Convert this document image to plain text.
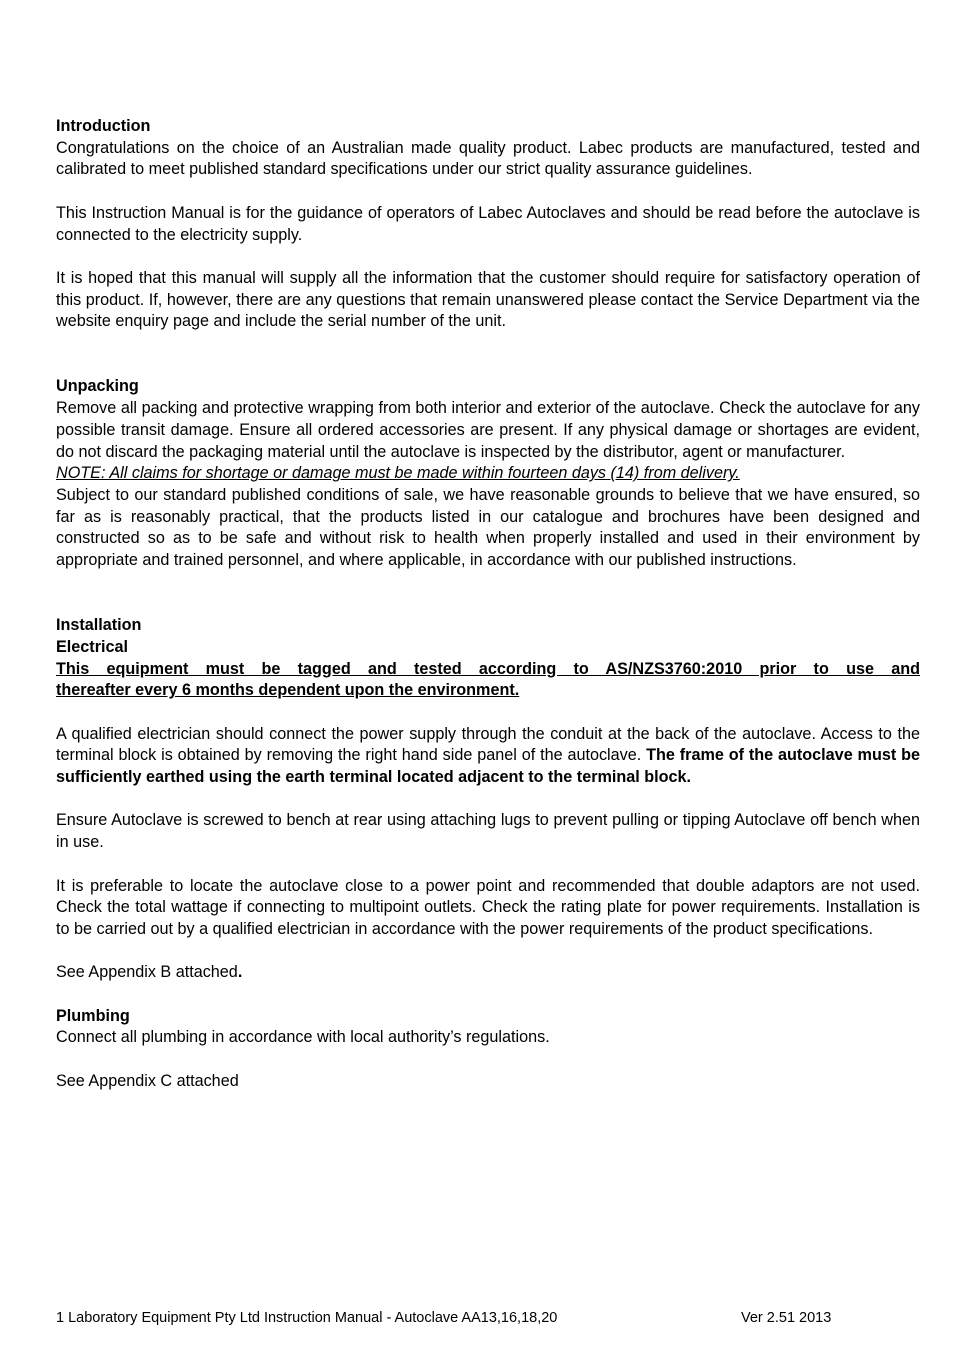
Introduction

Congratulations on the choice of an Australian made quality product. Labec products are manufactured, tested and calibrated to meet published standard specifications under our strict quality assurance guidelines.

This Instruction Manual is for the guidance of operators of Labec Autoclaves and should be read before the autoclave is connected to the electricity supply.

It is hoped that this manual will supply all the information that the customer should require for satisfactory operation of this product. If, however, there are any questions that remain unanswered please contact the Service Department via the website enquiry page and include the serial number of the unit.

Unpacking

Remove all packing and protective wrapping from both interior and exterior of the autoclave. Check the autoclave for any possible transit damage. Ensure all ordered accessories are present. If any physical damage or shortages are evident, do not discard the packaging material until the autoclave is inspected by the distributor, agent or manufacturer.

NOTE: All claims for shortage or damage must be made within fourteen days (14) from delivery.

Subject to our standard published conditions of sale, we have reasonable grounds to believe that we have ensured, so far as is reasonably practical, that the products listed in our catalogue and brochures have been designed and constructed so as to be safe and without risk to health when properly installed and used in their environment by appropriate and trained personnel, and where applicable, in accordance with our published instructions.

Installation

Electrical

This equipment must be tagged and tested according to AS/NZS3760:2010 prior to use and
thereafter every 6 months dependent upon the environment.

A qualified electrician should connect the power supply through the conduit at the back of the autoclave. Access to the terminal block is obtained by removing the right hand side panel of the autoclave. The frame of the autoclave must be sufficiently earthed using the earth terminal located adjacent to the terminal block.

Ensure Autoclave is screwed to bench at rear using attaching lugs to prevent pulling or tipping Autoclave off bench when in use.

It is preferable to locate the autoclave close to a power point and recommended that double adaptors are not used. Check the total wattage if connecting to multipoint outlets. Check the rating plate for power requirements. Installation is to be carried out by a qualified electrician in accordance with the power requirements of the product specifications.

See Appendix B attached.

Plumbing

Connect all plumbing in accordance with local authority’s regulations.

See Appendix C attached

1 Laboratory Equipment Pty Ltd Instruction Manual - Autoclave AA13,16,18,20	Ver 2.51 2013
